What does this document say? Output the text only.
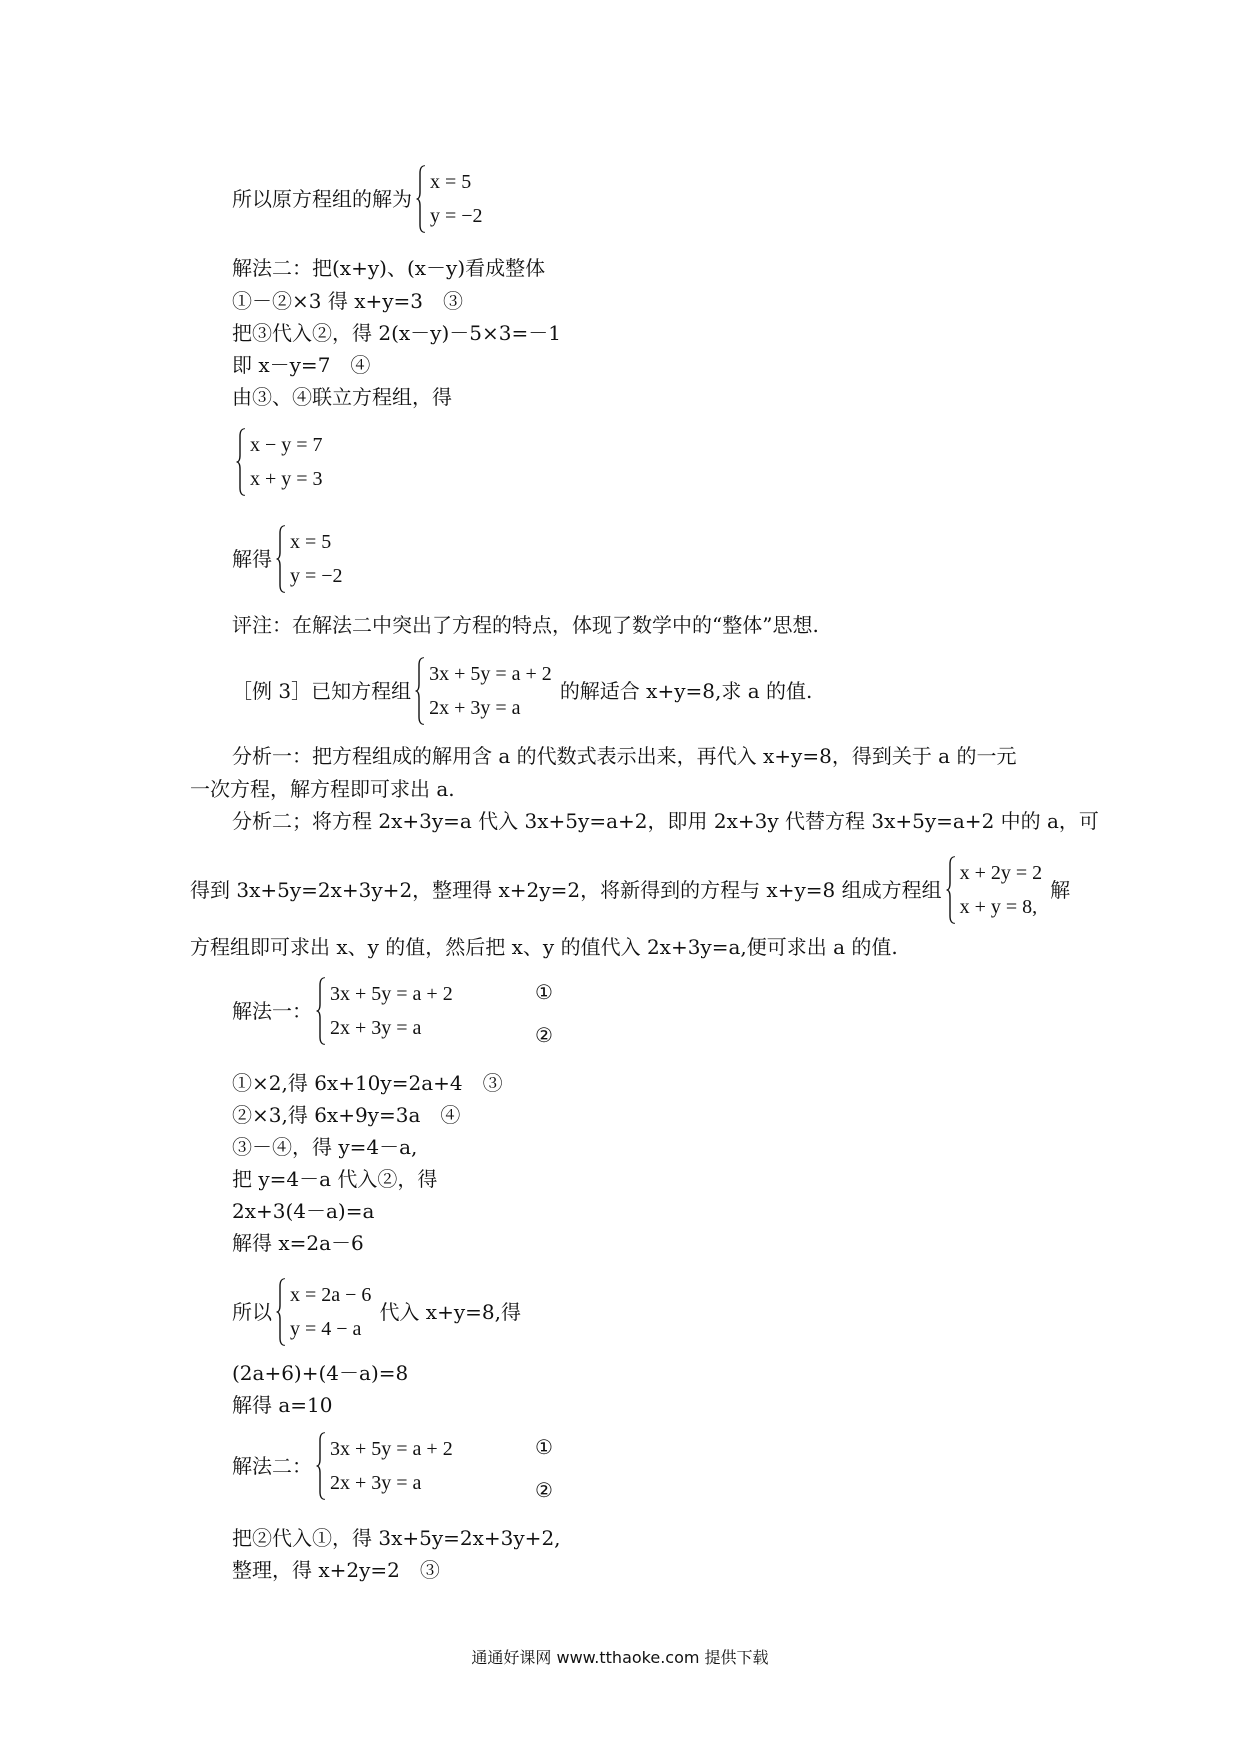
所以原方程组的解为
x = 5
y = −2
解法二：把(x+y)、(x－y)看成整体
①－②×3 得 x+y=3　③
把③代入②，得 2(x－y)－5×3=－1
即 x－y=7　④
由③、④联立方程组，得
x − y = 7
x + y = 3
解得
x = 5
y = −2
评注：在解法二中突出了方程的特点，体现了数学中的“整体”思想.
［例 3］已知方程组
3x + 5y = a + 2
2x + 3y = a
的解适合 x+y=8,求 a 的值.
分析一：把方程组成的解用含 a 的代数式表示出来，再代入 x+y=8，得到关于 a 的一元
一次方程，解方程即可求出 a.
分析二；将方程 2x+3y=a 代入 3x+5y=a+2，即用 2x+3y 代替方程 3x+5y=a+2 中的 a，可
得到 3x+5y=2x+3y+2，整理得 x+2y=2，将新得到的方程与 x+y=8 组成方程组
x + 2y = 2
x + y = 8,
解
方程组即可求出 x、y 的值，然后把 x、y 的值代入 2x+3y=a,便可求出 a 的值.
解法一：
3x + 5y = a + 2
2x + 3y = a
①
②
①×2,得 6x+10y=2a+4　③
②×3,得 6x+9y=3a　④
③－④，得 y=4－a,
把 y=4－a 代入②，得
2x+3(4－a)=a
解得 x=2a－6
所以
x = 2a − 6
y = 4 − a
代入 x+y=8,得
(2a+6)+(4－a)=8
解得 a=10
解法二：
3x + 5y = a + 2
2x + 3y = a
①
②
把②代入①，得 3x+5y=2x+3y+2,
整理，得 x+2y=2　③
通通好课网 www.tthaoke.com 提供下载
